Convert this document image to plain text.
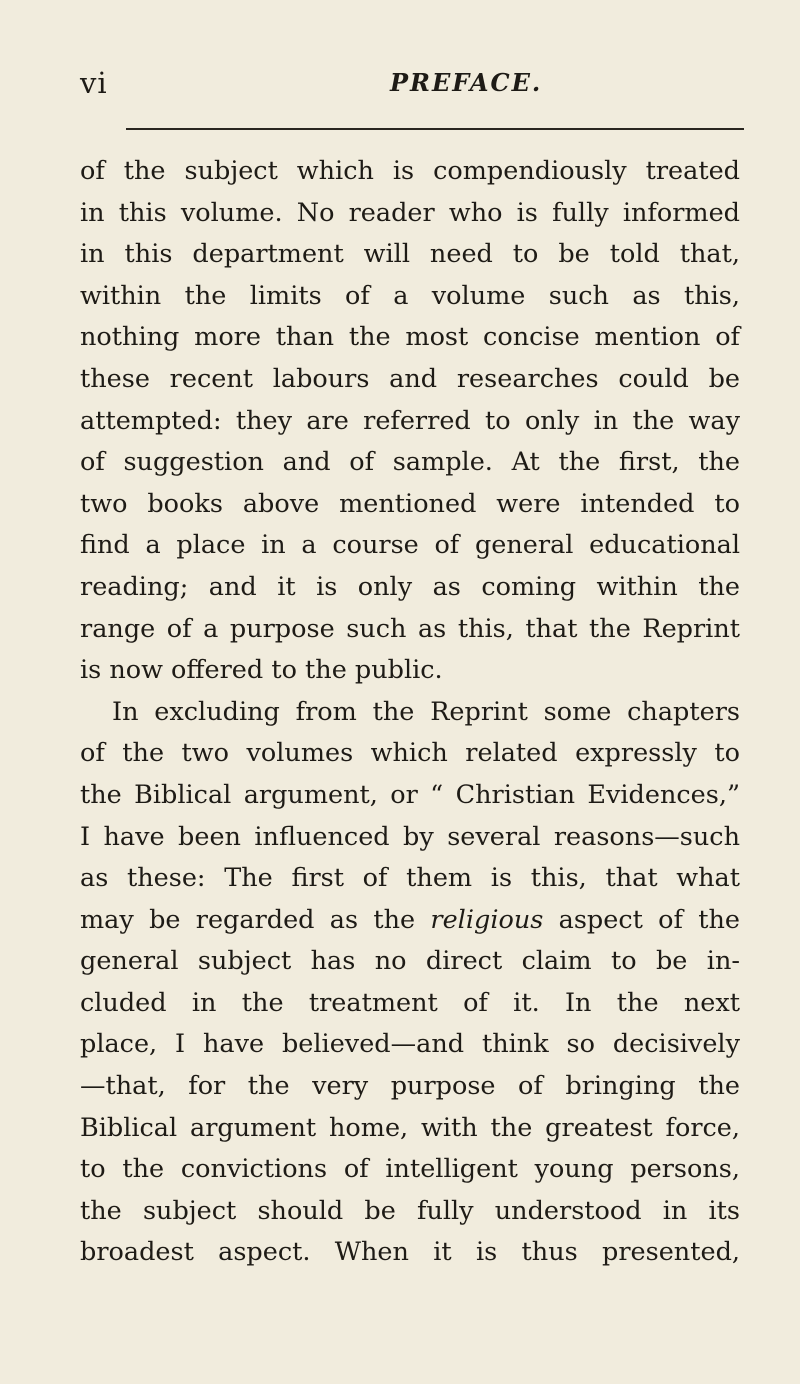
vi	PREFACE.
of the subject which is compendiously treated
in this volume. No reader who is fully informed
in this department will need to be told that,
within the limits of a volume such as this,
nothing more than the most concise mention of
these recent labours and researches could be
attempted: they are referred to only in the way
of suggestion and of sample. At the first, the
two books above mentioned were intended to
find a place in a course of general educational
reading; and it is only as coming within the
range of a purpose such as this, that the Reprint
is now offered to the public.
In excluding from the Reprint some chapters
of the two volumes which related expressly to
the Biblical argument, or “ Christian Evidences,”
I have been influenced by several reasons—such
as these: The first of them is this, that what
may be regarded as the religious aspect of the
general subject has no direct claim to be in-
cluded in the treatment of it. In the next
place, I have believed—and think so decisively
—that, for the very purpose of bringing the
Biblical argument home, with the greatest force,
to the convictions of intelligent young persons,
the subject should be fully understood in its
broadest aspect. When it is thus presented,
